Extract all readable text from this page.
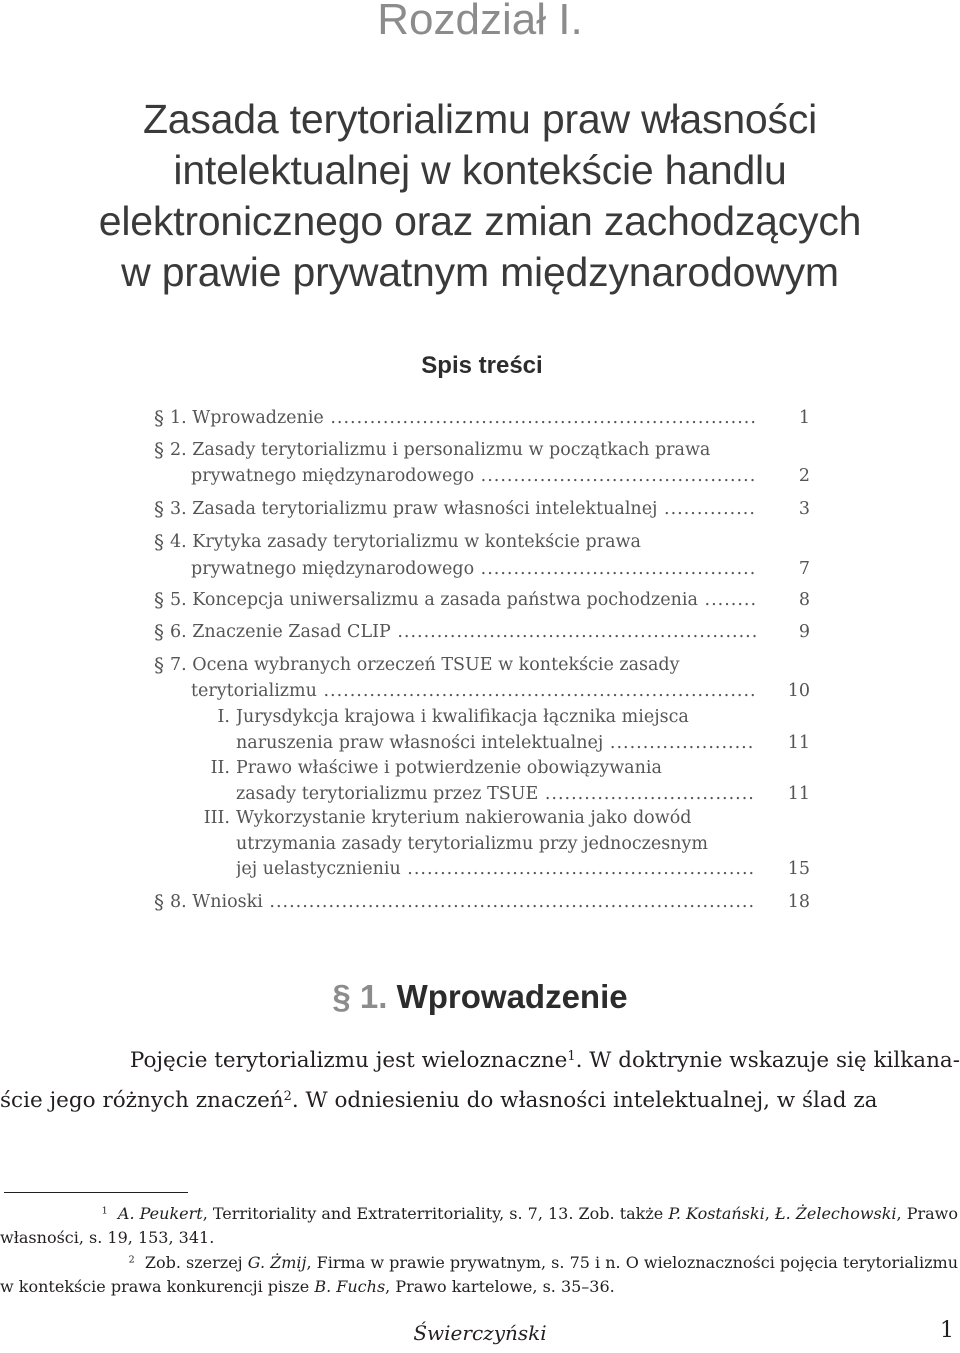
Rozdział I.
Zasada terytorializmu praw własności
intelektualnej w kontekście handlu
elektronicznego oraz zmian zachodzących
w prawie prywatnym międzynarodowym
Spis treści
§ 1. Wprowadzenie .....	1
§ 2. Zasady terytorializmu i personalizmu w początkach prawa
prywatnego międzynarodowego .....	2
§ 3. Zasada terytorializmu praw własności intelektualnej .....	3
§ 4. Krytyka zasady terytorializmu w kontekście prawa
prywatnego międzynarodowego .....	7
§ 5. Koncepcja uniwersalizmu a zasada państwa pochodzenia .....	8
§ 6. Znaczenie Zasad CLIP .....	9
§ 7. Ocena wybranych orzeczeń TSUE w kontekście zasady
terytorializmu .....	10
I. Jurysdykcja krajowa i kwalifikacja łącznika miejsca
naruszenia praw własności intelektualnej .....	11
II. Prawo właściwe i potwierdzenie obowiązywania
zasady terytorializmu przez TSUE .....	11
III. Wykorzystanie kryterium nakierowania jako dowód
utrzymania zasady terytorializmu przy jednoczesnym
jej uelastycznieniu .....	15
§ 8. Wnioski .....	18
§ 1. Wprowadzenie
Pojęcie terytorializmu jest wieloznaczne$^1$. W doktrynie wskazuje się kilkana-
ście jego różnych znaczeń$^2$. W odniesieniu do własności intelektualnej, w ślad za
$^1$ A. Peukert, Territoriality and Extraterritoriality, s. 7, 13. Zob. także P. Kostański, Ł. Żelechowski, Prawo
własności, s. 19, 153, 341.
$^2$ Zob. szerzej G. Żmij, Firma w prawie prywatnym, s. 75 i n. O wieloznaczności pojęcia terytorializmu
w kontekście prawa konkurencji pisze B. Fuchs, Prawo kartelowe, s. 35–36.
Świerczyński	1
